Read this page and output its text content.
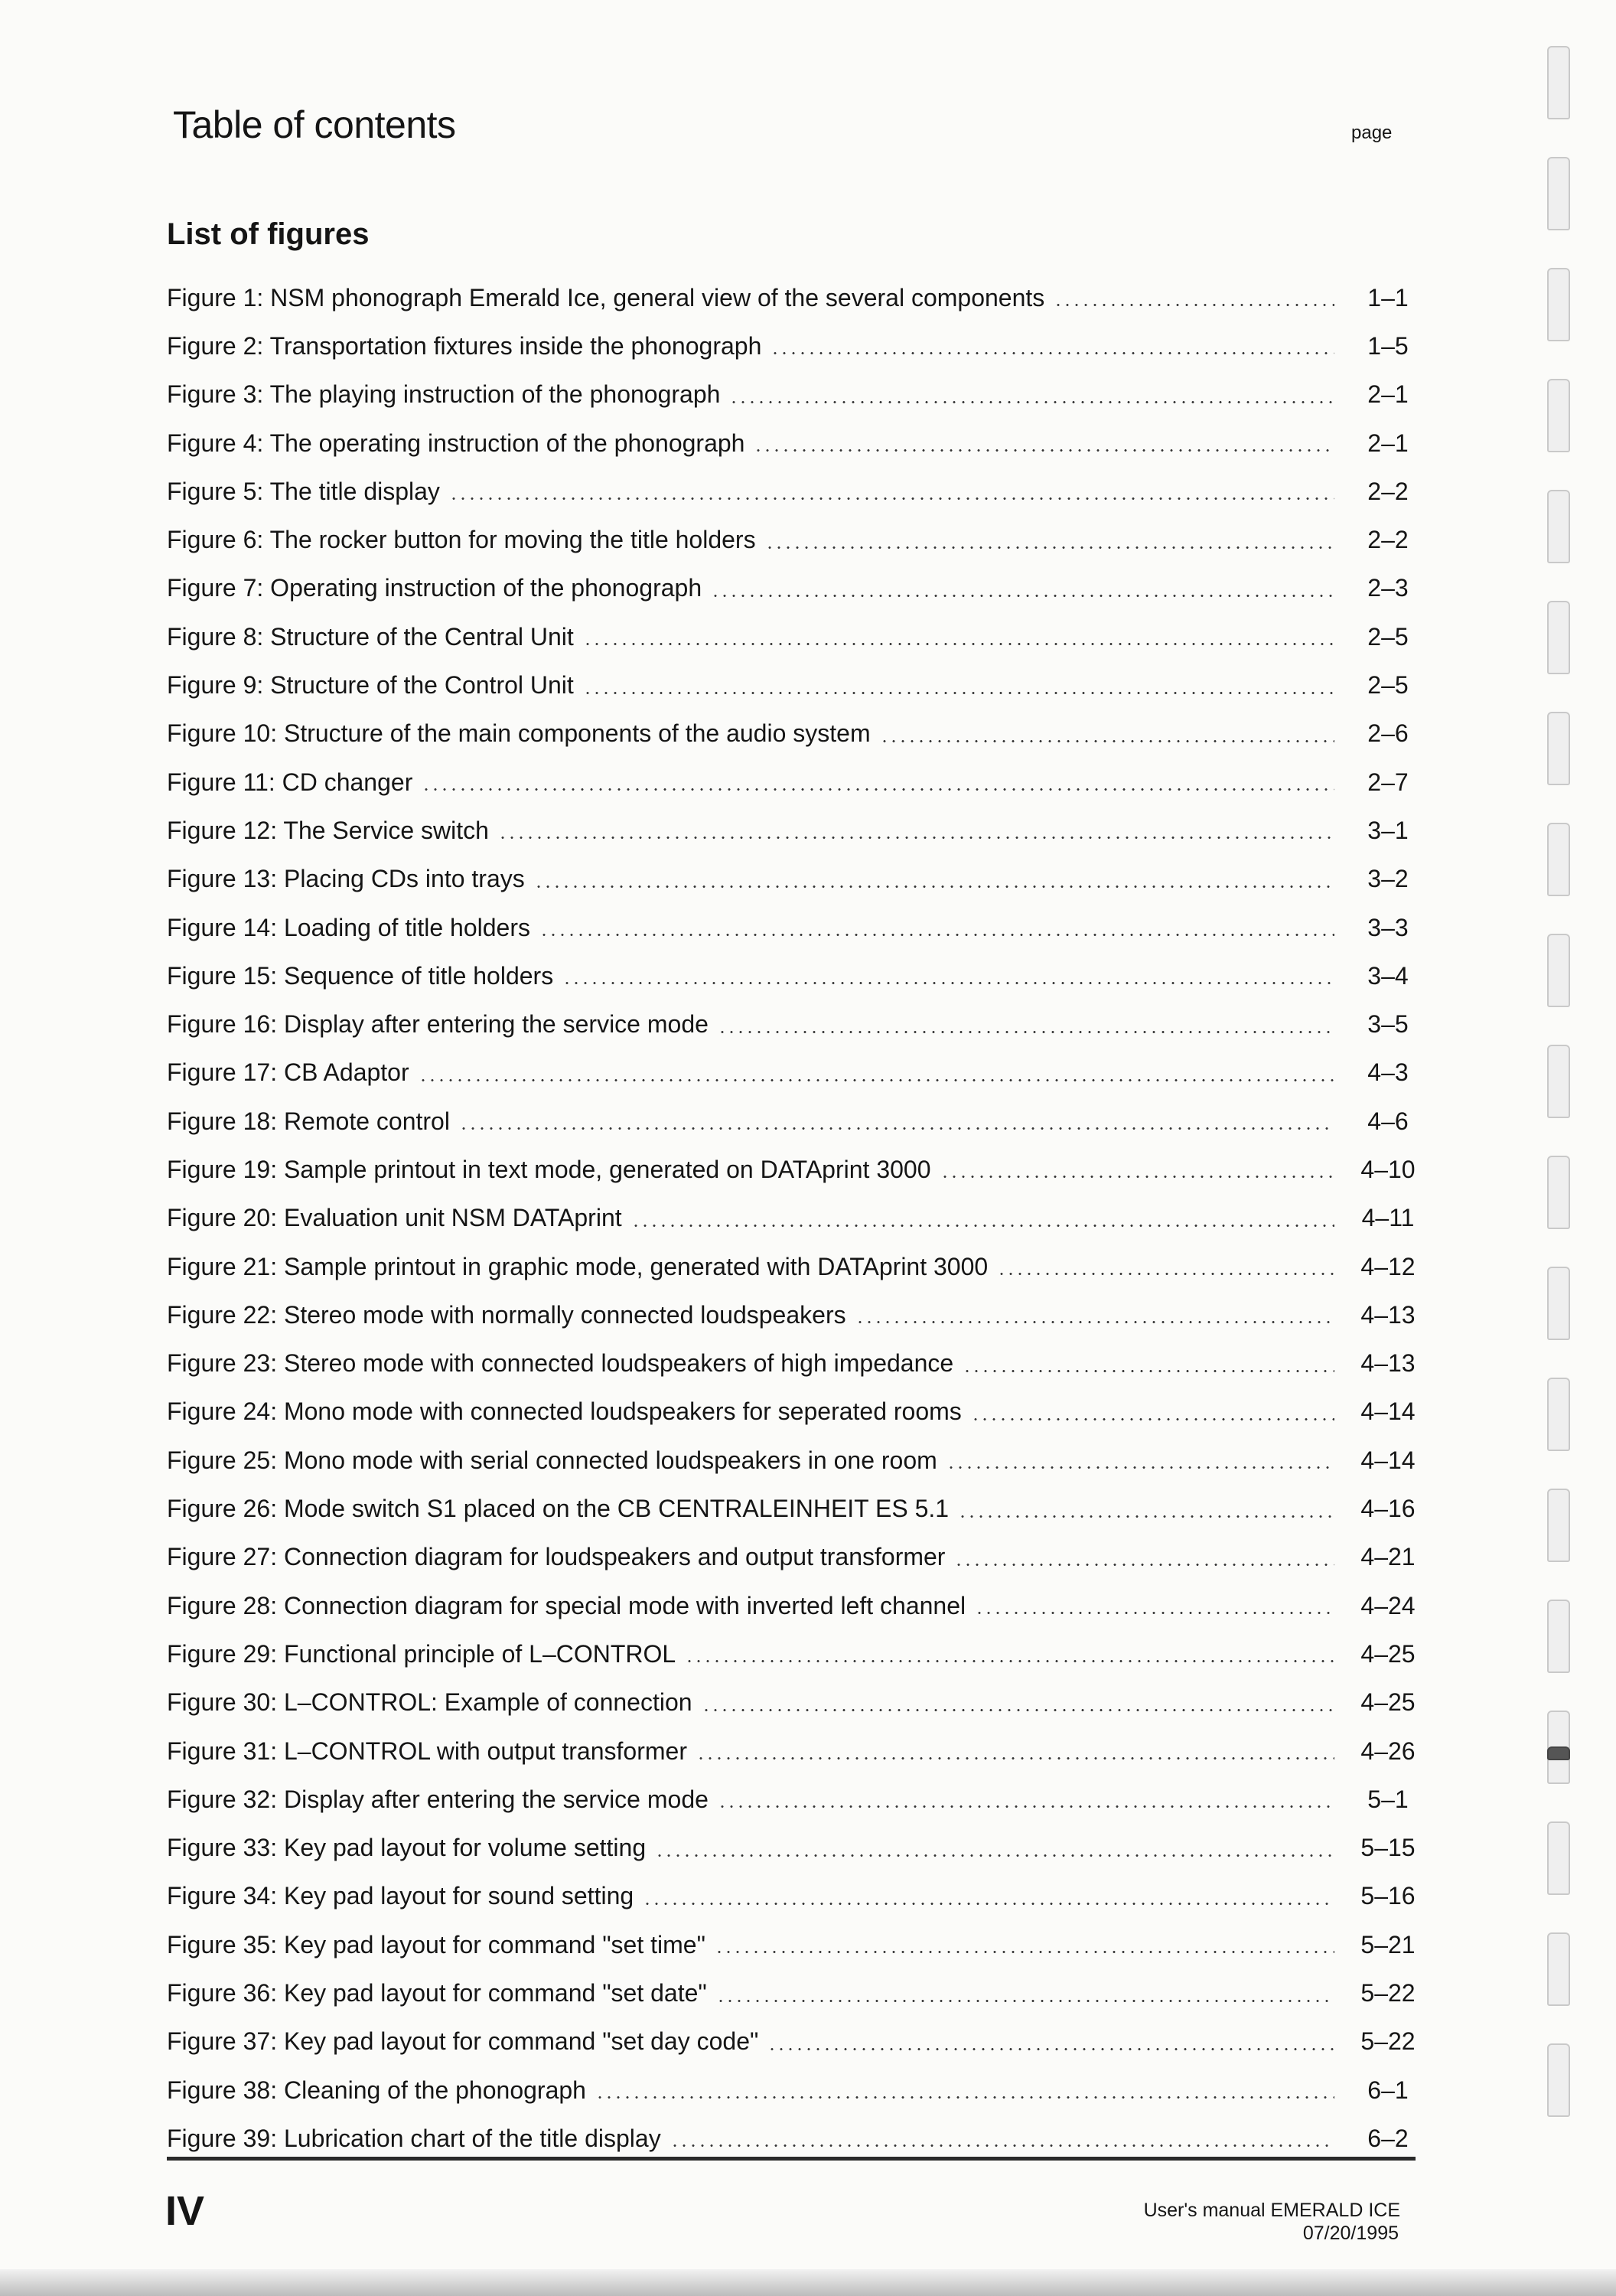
Table of contents	page
List of figures
Figure 1: NSM phonograph Emerald Ice, general view of the several components	1–1
Figure 2: Transportation fixtures inside the phonograph	1–5
Figure 3: The playing instruction of the phonograph	2–1
Figure 4: The operating instruction of the phonograph	2–1
Figure 5: The title display	2–2
Figure 6: The rocker button for moving the title holders	2–2
Figure 7: Operating instruction of the phonograph	2–3
Figure 8: Structure of the Central Unit	2–5
Figure 9: Structure of the Control Unit	2–5
Figure 10: Structure of the main components of the audio system	2–6
Figure 11: CD changer	2–7
Figure 12: The Service switch	3–1
Figure 13: Placing CDs into trays	3–2
Figure 14: Loading of title holders	3–3
Figure 15: Sequence of title holders	3–4
Figure 16: Display after entering the service mode	3–5
Figure 17: CB Adaptor	4–3
Figure 18: Remote control	4–6
Figure 19: Sample printout in text mode, generated on DATAprint 3000	4–10
Figure 20: Evaluation unit NSM DATAprint	4–11
Figure 21: Sample printout in graphic mode, generated with DATAprint 3000	4–12
Figure 22: Stereo mode with normally connected loudspeakers	4–13
Figure 23: Stereo mode with connected loudspeakers of high impedance	4–13
Figure 24: Mono mode with connected loudspeakers for seperated rooms	4–14
Figure 25: Mono mode with serial connected loudspeakers in one room	4–14
Figure 26: Mode switch S1 placed on the CB CENTRALEINHEIT ES 5.1	4–16
Figure 27: Connection diagram for loudspeakers and output transformer	4–21
Figure 28: Connection diagram for special mode with inverted left channel	4–24
Figure 29: Functional principle of L–CONTROL	4–25
Figure 30: L–CONTROL: Example of connection	4–25
Figure 31: L–CONTROL with output transformer	4–26
Figure 32: Display after entering the service mode	5–1
Figure 33: Key pad layout for volume setting	5–15
Figure 34: Key pad layout for sound setting	5–16
Figure 35: Key pad layout for command "set time"	5–21
Figure 36: Key pad layout for command "set date"	5–22
Figure 37: Key pad layout for command "set day code"	5–22
Figure 38: Cleaning of the phonograph	6–1
Figure 39: Lubrication chart of the title display	6–2
IV	User's manual EMERALD ICE
07/20/1995
